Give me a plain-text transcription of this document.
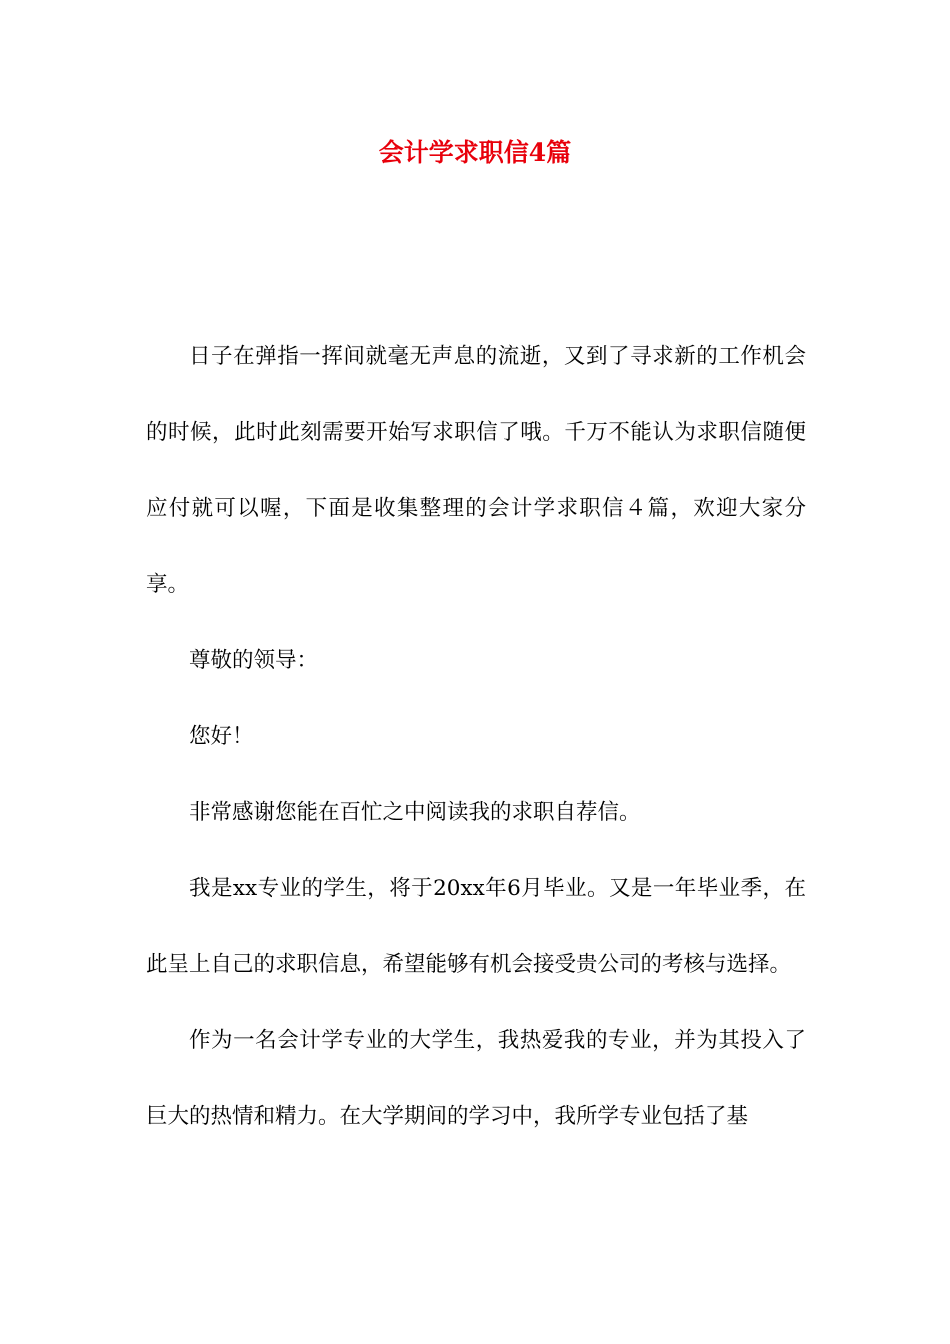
会计学求职信4篇

日子在弹指一挥间就毫无声息的流逝，又到了寻求新的工作机会的时候，此时此刻需要开始写求职信了哦。千万不能认为求职信随便应付就可以喔，下面是收集整理的会计学求职信４篇，欢迎大家分享。

尊敬的领导：

您好！

非常感谢您能在百忙之中阅读我的求职自荐信。

我是xx专业的学生，将于20xx年6月毕业。又是一年毕业季，在此呈上自己的求职信息，希望能够有机会接受贵公司的考核与选择。

作为一名会计学专业的大学生，我热爱我的专业，并为其投入了巨大的热情和精力。在大学期间的学习中，我所学专业包括了基
